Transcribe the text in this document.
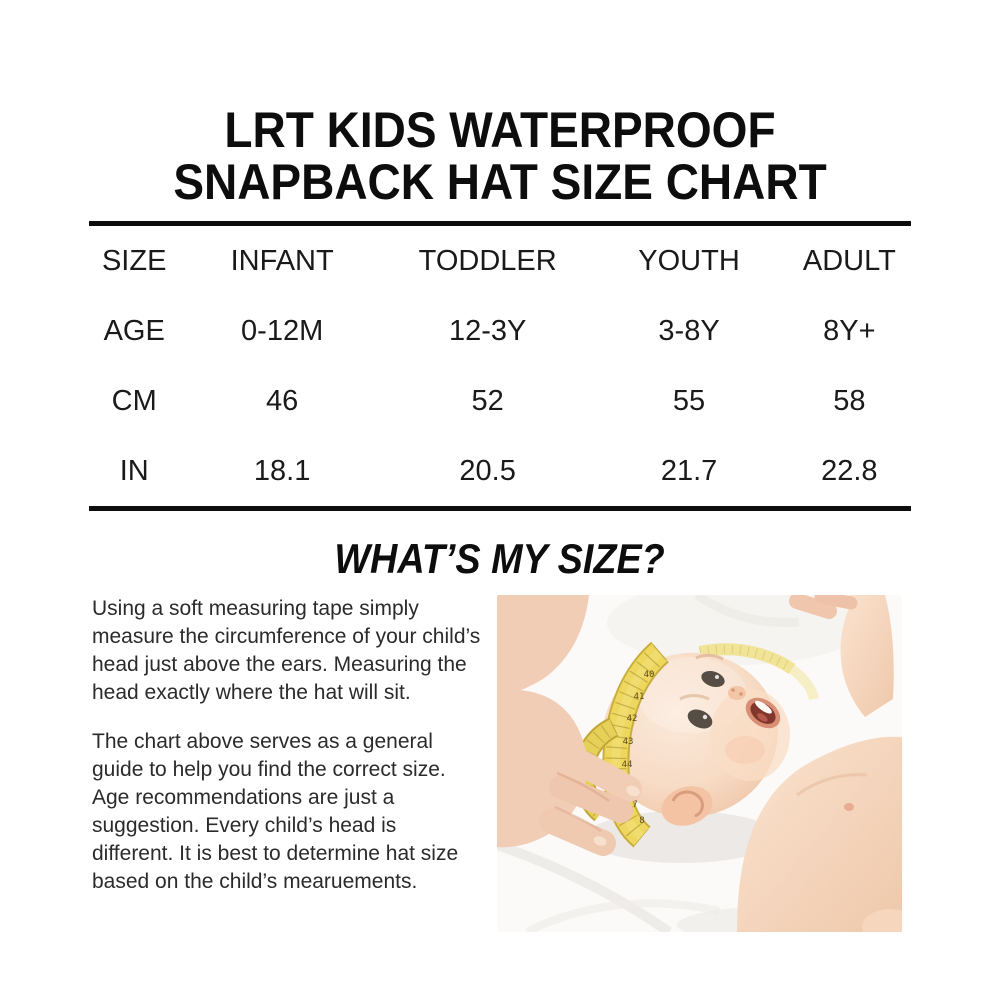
LRT KIDS WATERPROOF
SNAPBACK HAT SIZE CHART
SIZE	INFANT	TODDLER	YOUTH	ADULT
AGE	0-12M	12-3Y	3-8Y	8Y+
CM	46	52	55	58
IN	18.1	20.5	21.7	22.8
WHAT’S MY SIZE?

Using a soft measuring tape simply measure the circumference of your child’s head just above the ears. Measuring the head exactly where the hat will sit.

The chart above serves as a general guide to help you find the correct size. Age recommendations are just a suggestion. Every child’s head is different. It is best to determine hat size based on the child’s mearuements.

40
41
42
43
44
7
8
